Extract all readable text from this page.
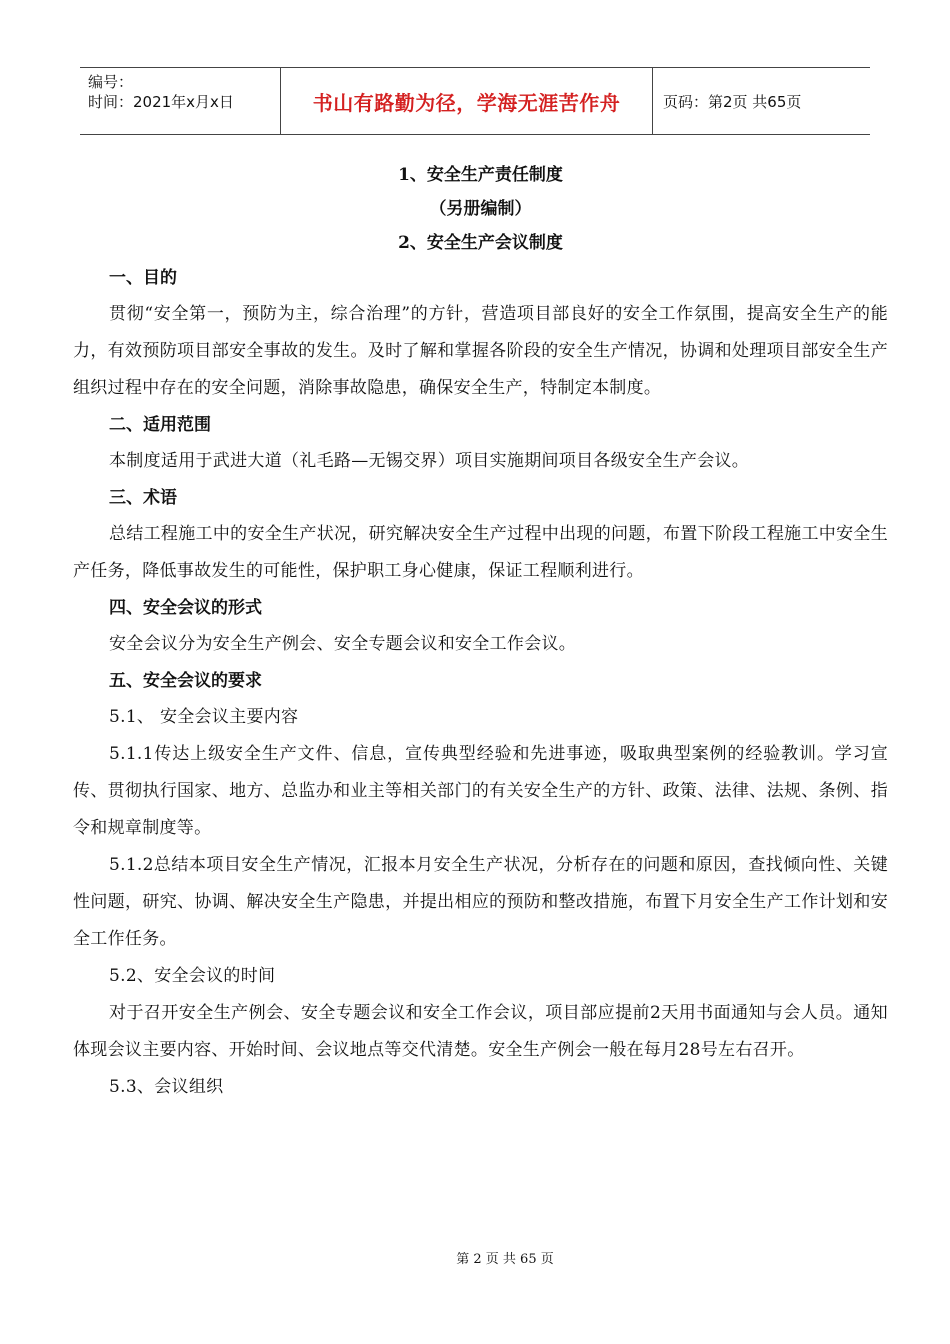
编号：
时间：2021年x月x日	书山有路勤为径，学海无涯苦作舟	页码：第2页 共65页
1、安全生产责任制度
（另册编制）
2、安全生产会议制度
一、目的
贯彻“安全第一，预防为主，综合治理”的方针，营造项目部良好的安全工作氛围，提高安全生产的能力，有效预防项目部安全事故的发生。及时了解和掌握各阶段的安全生产情况，协调和处理项目部安全生产组织过程中存在的安全问题，消除事故隐患，确保安全生产，特制定本制度。
二、适用范围
本制度适用于武进大道（礼毛路—无锡交界）项目实施期间项目各级安全生产会议。
三、术语
总结工程施工中的安全生产状况，研究解决安全生产过程中出现的问题，布置下阶段工程施工中安全生产任务，降低事故发生的可能性，保护职工身心健康，保证工程顺利进行。
四、安全会议的形式
安全会议分为安全生产例会、安全专题会议和安全工作会议。
五、安全会议的要求
5.1、 安全会议主要内容
5.1.1传达上级安全生产文件、信息，宣传典型经验和先进事迹，吸取典型案例的经验教训。学习宣传、贯彻执行国家、地方、总监办和业主等相关部门的有关安全生产的方针、政策、法律、法规、条例、指令和规章制度等。
5.1.2总结本项目安全生产情况，汇报本月安全生产状况，分析存在的问题和原因，查找倾向性、关键性问题，研究、协调、解决安全生产隐患，并提出相应的预防和整改措施，布置下月安全生产工作计划和安全工作任务。
5.2、安全会议的时间
对于召开安全生产例会、安全专题会议和安全工作会议，项目部应提前2天用书面通知与会人员。通知体现会议主要内容、开始时间、会议地点等交代清楚。安全生产例会一般在每月28号左右召开。
5.3、会议组织
第 2 页 共 65 页
